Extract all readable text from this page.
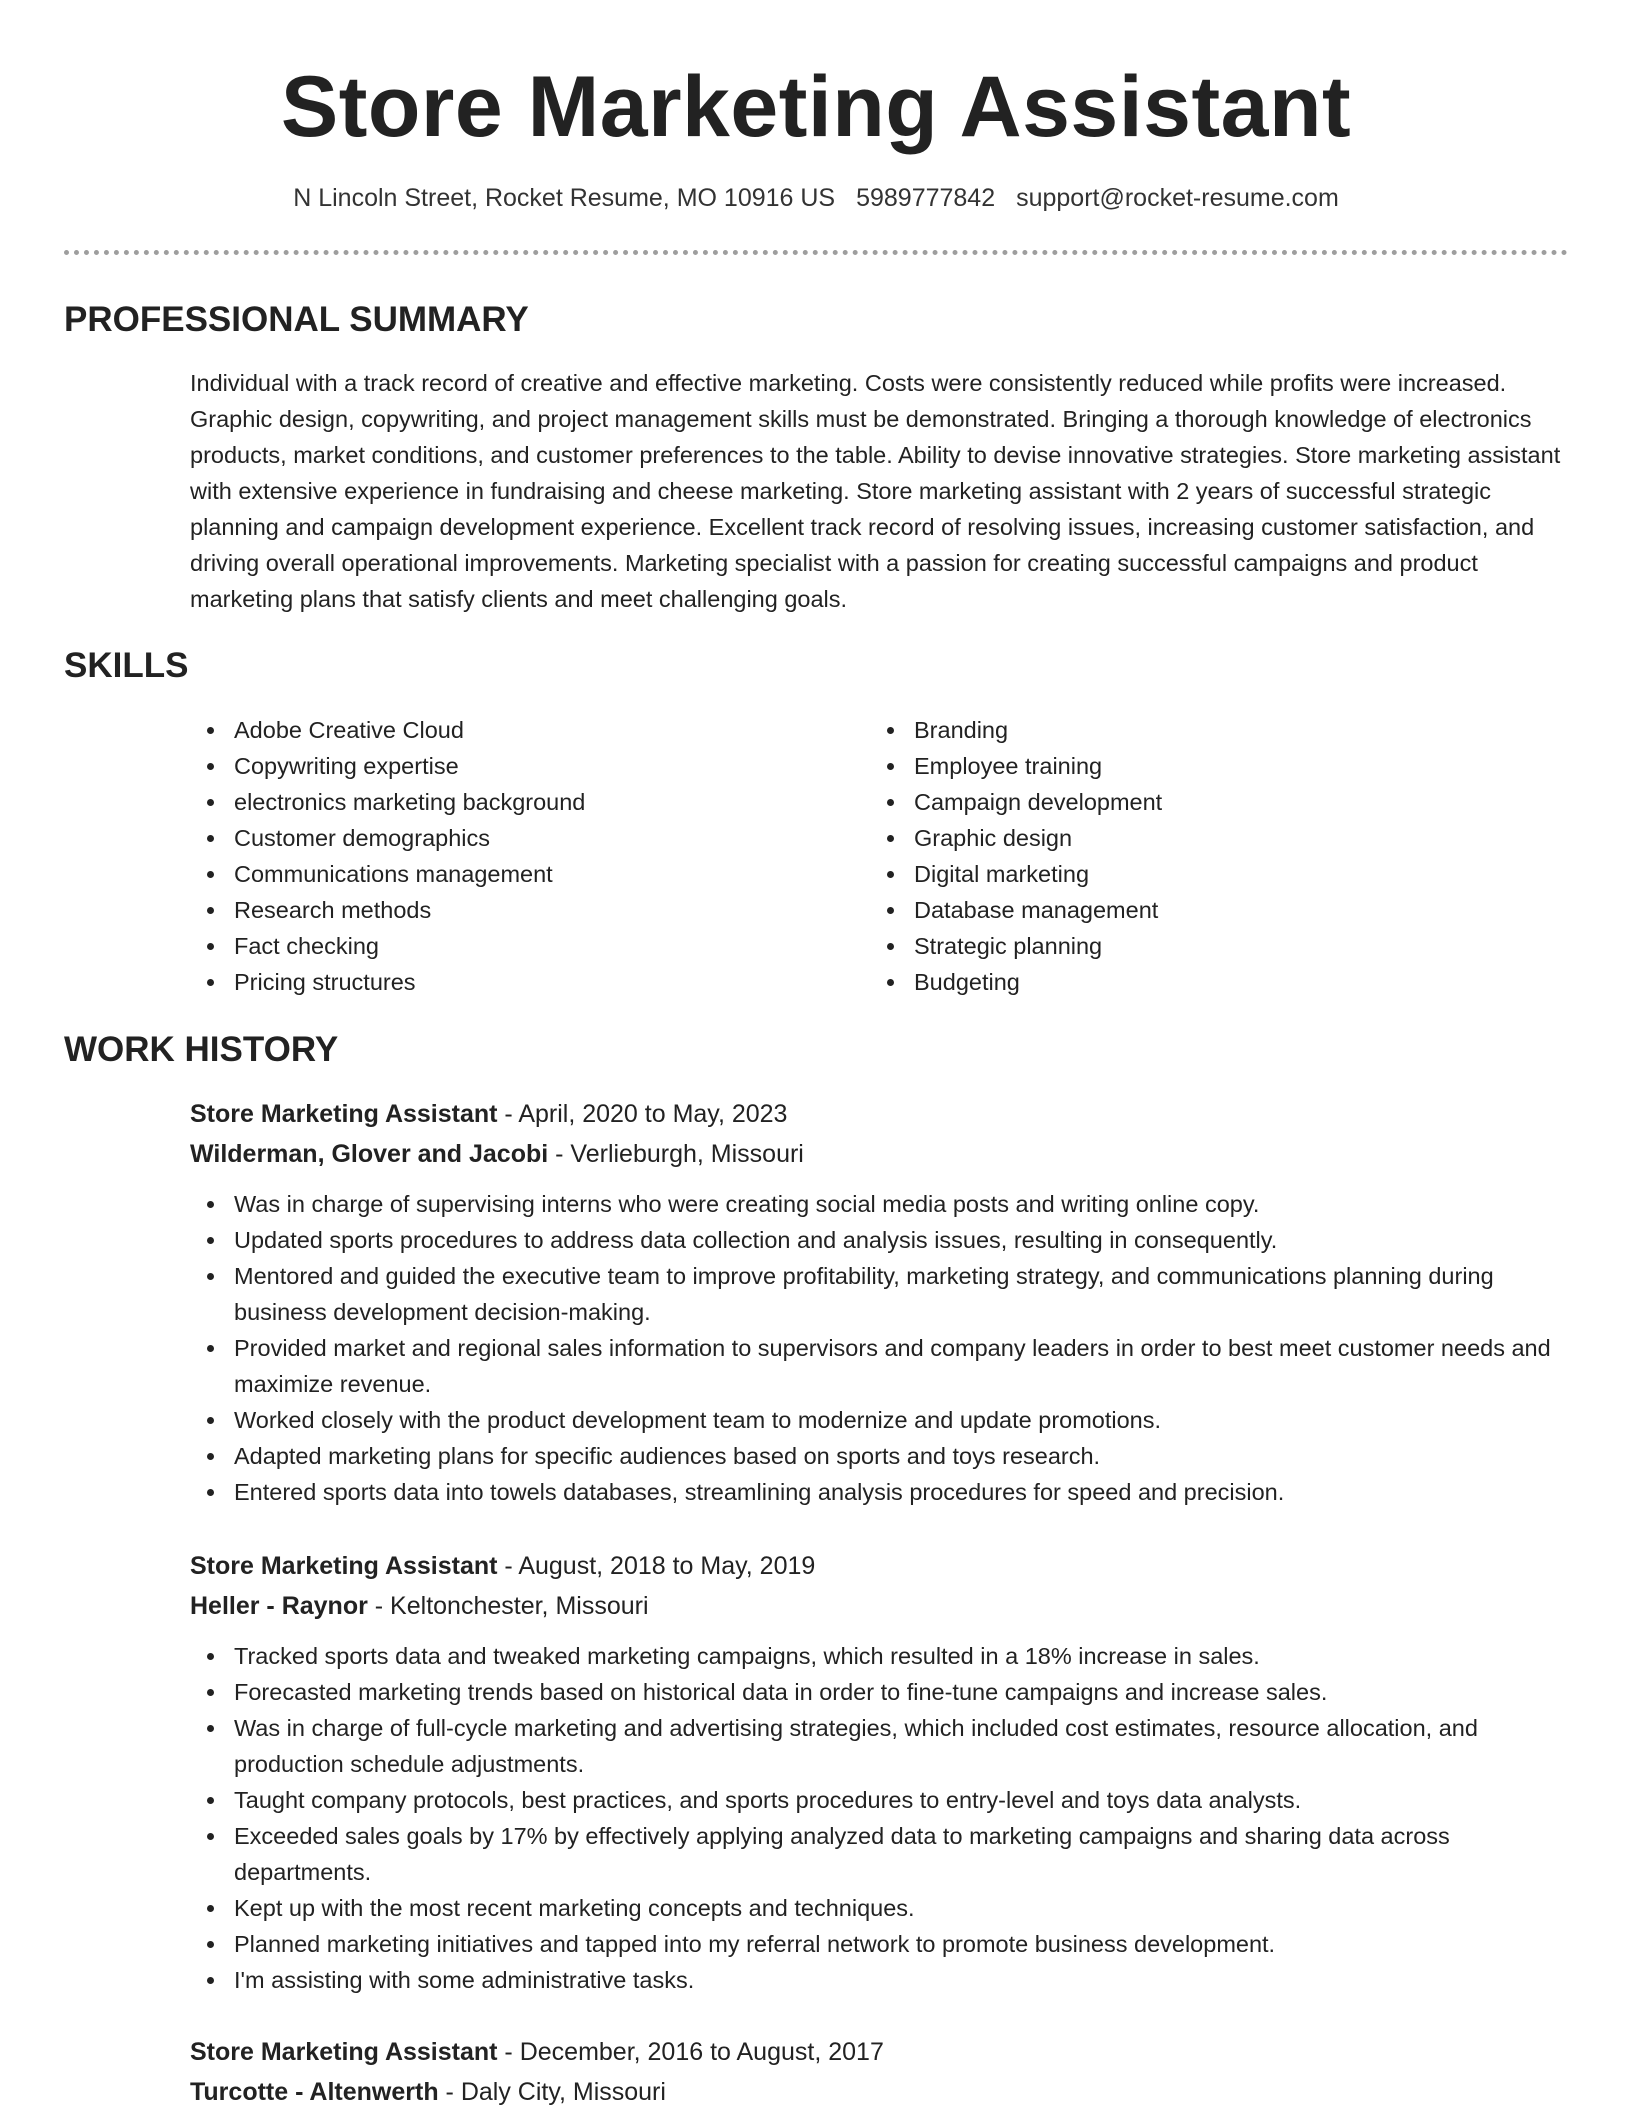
Store Marketing Assistant
N Lincoln Street, Rocket Resume, MO 10916 US 5989777842 support@rocket-resume.com
PROFESSIONAL SUMMARY

Individual with a track record of creative and effective marketing. Costs were consistently reduced while profits were increased. Graphic design, copywriting, and project management skills must be demonstrated. Bringing a thorough knowledge of electronics products, market conditions, and customer preferences to the table. Ability to devise innovative strategies. Store marketing assistant with extensive experience in fundraising and cheese marketing. Store marketing assistant with 2 years of successful strategic planning and campaign development experience. Excellent track record of resolving issues, increasing customer satisfaction, and driving overall operational improvements. Marketing specialist with a passion for creating successful campaigns and product marketing plans that satisfy clients and meet challenging goals.

SKILLS
Adobe Creative Cloud
Copywriting expertise
electronics marketing background
Customer demographics
Communications management
Research methods
Fact checking
Pricing structures
Branding
Employee training
Campaign development
Graphic design
Digital marketing
Database management
Strategic planning
Budgeting
WORK HISTORY
Store Marketing Assistant - April, 2020 to May, 2023
Wilderman, Glover and Jacobi - Verlieburgh, Missouri
Was in charge of supervising interns who were creating social media posts and writing online copy.
Updated sports procedures to address data collection and analysis issues, resulting in consequently.
Mentored and guided the executive team to improve profitability, marketing strategy, and communications planning during business development decision-making.
Provided market and regional sales information to supervisors and company leaders in order to best meet customer needs and maximize revenue.
Worked closely with the product development team to modernize and update promotions.
Adapted marketing plans for specific audiences based on sports and toys research.
Entered sports data into towels databases, streamlining analysis procedures for speed and precision.
Store Marketing Assistant - August, 2018 to May, 2019
Heller - Raynor - Keltonchester, Missouri
Tracked sports data and tweaked marketing campaigns, which resulted in a 18% increase in sales.
Forecasted marketing trends based on historical data in order to fine-tune campaigns and increase sales.
Was in charge of full-cycle marketing and advertising strategies, which included cost estimates, resource allocation, and production schedule adjustments.
Taught company protocols, best practices, and sports procedures to entry-level and toys data analysts.
Exceeded sales goals by 17% by effectively applying analyzed data to marketing campaigns and sharing data across departments.
Kept up with the most recent marketing concepts and techniques.
Planned marketing initiatives and tapped into my referral network to promote business development.
I'm assisting with some administrative tasks.
Store Marketing Assistant - December, 2016 to August, 2017
Turcotte - Altenwerth - Daly City, Missouri
